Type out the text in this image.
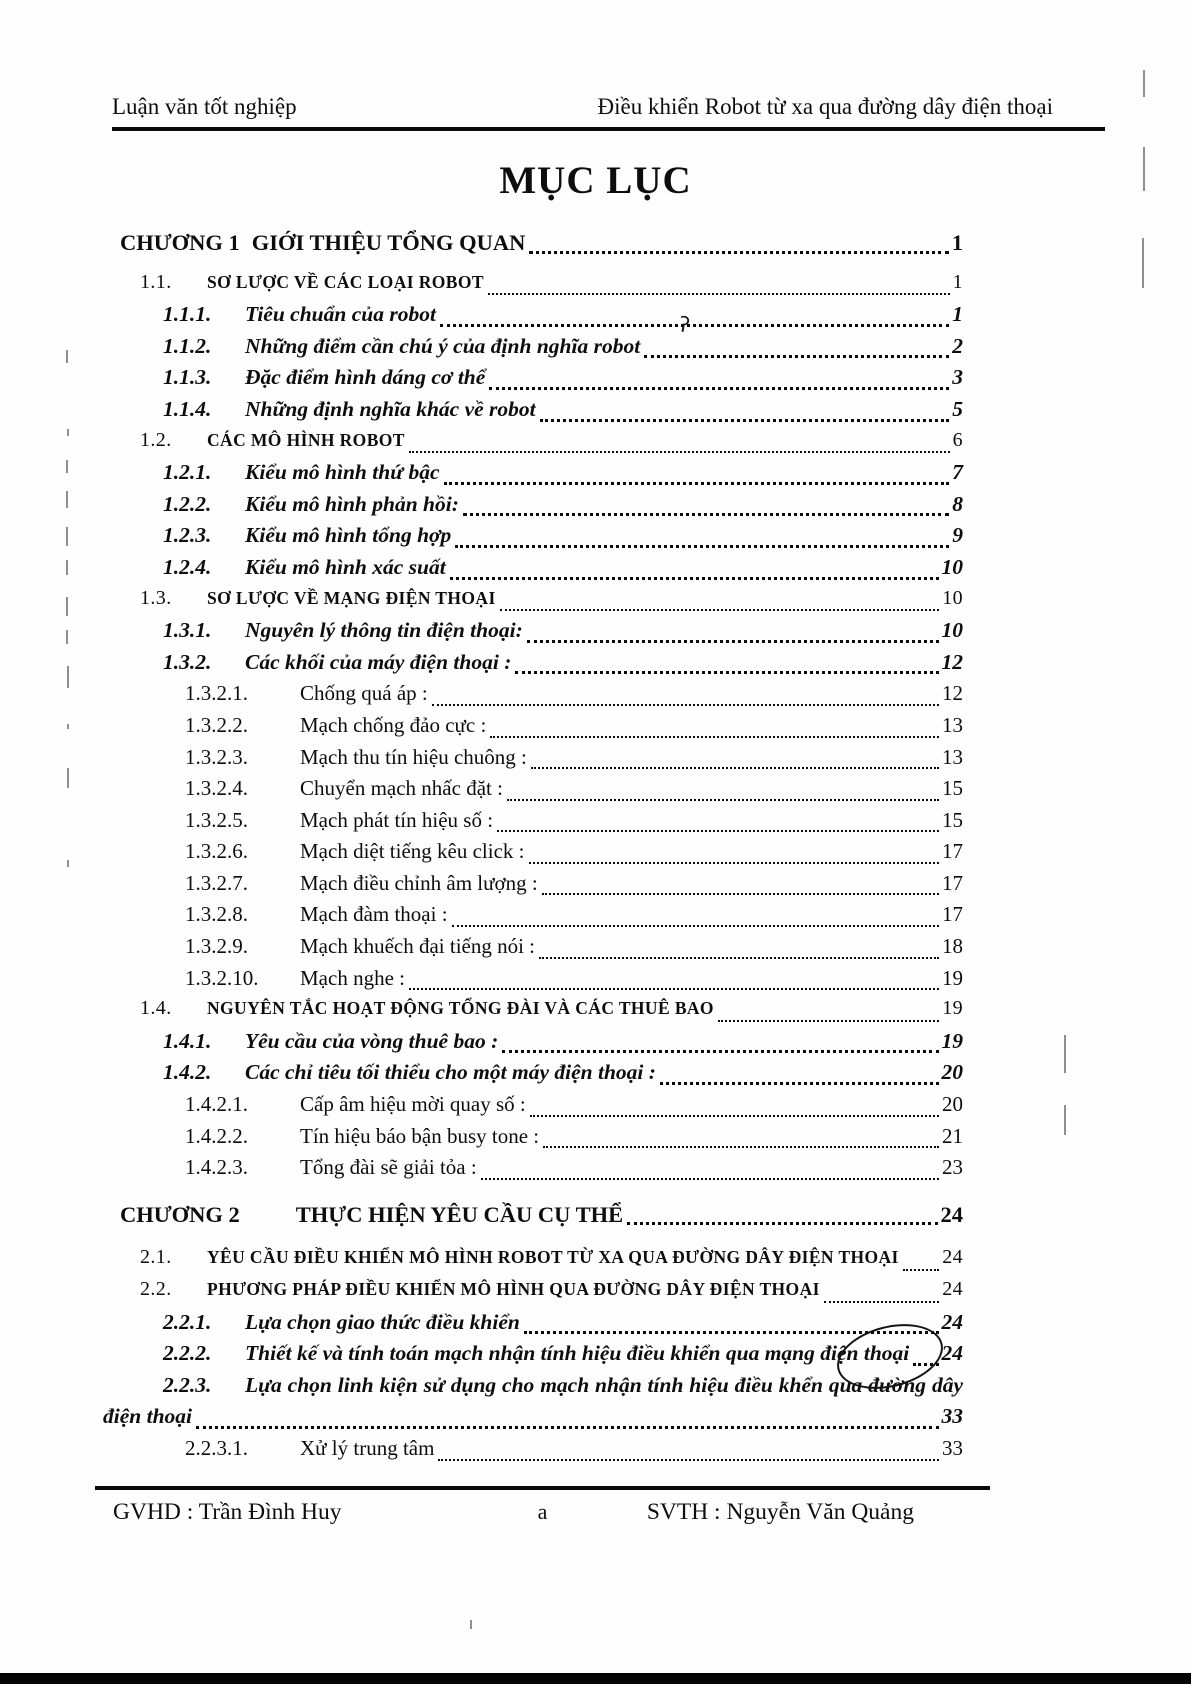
Luận văn tốt nghiệp	Điều khiển Robot từ xa qua đường dây điện thoại
MỤC LỤC
CHƯƠNG 1 GIỚI THIỆU TỔNG QUAN	1
1.1.	SƠ LƯỢC VỀ CÁC LOẠI ROBOT	1
1.1.1.	Tiêu chuẩn của robot	1
1.1.2.	Những điểm cần chú ý của định nghĩa robot	2
1.1.3.	Đặc điểm hình dáng cơ thể	3
1.1.4.	Những định nghĩa khác về robot	5
1.2.	CÁC MÔ HÌNH ROBOT	6
1.2.1.	Kiểu mô hình thứ bậc	7
1.2.2.	Kiểu mô hình phản hồi:	8
1.2.3.	Kiểu mô hình tổng hợp	9
1.2.4.	Kiểu mô hình xác suất	10
1.3.	SƠ LƯỢC VỀ MẠNG ĐIỆN THOẠI	10
1.3.1.	Nguyên lý thông tin điện thoại:	10
1.3.2.	Các khối của máy điện thoại :	12
1.3.2.1.	Chống quá áp :	12
1.3.2.2.	Mạch chống đảo cực :	13
1.3.2.3.	Mạch thu tín hiệu chuông :	13
1.3.2.4.	Chuyển mạch nhấc đặt :	15
1.3.2.5.	Mạch phát tín hiệu số :	15
1.3.2.6.	Mạch diệt tiếng kêu click :	17
1.3.2.7.	Mạch điều chỉnh âm lượng :	17
1.3.2.8.	Mạch đàm thoại :	17
1.3.2.9.	Mạch khuếch đại tiếng nói :	18
1.3.2.10.	Mạch nghe :	19
1.4.	NGUYÊN TẮC HOẠT ĐỘNG TỔNG ĐÀI VÀ CÁC THUÊ BAO	19
1.4.1.	Yêu cầu của vòng thuê bao :	19
1.4.2.	Các chỉ tiêu tối thiểu cho một máy điện thoại :	20
1.4.2.1.	Cấp âm hiệu mời quay số :	20
1.4.2.2.	Tín hiệu báo bận busy tone :	21
1.4.2.3.	Tổng đài sẽ giải tỏa :	23
CHƯƠNG 2 THỰC HIỆN YÊU CẦU CỤ THỂ	24
2.1.	YÊU CẦU ĐIỀU KHIỂN MÔ HÌNH ROBOT TỪ XA QUA ĐƯỜNG DÂY ĐIỆN THOẠI 24
2.2.	PHƯƠNG PHÁP ĐIỀU KHIỂN MÔ HÌNH QUA ĐƯỜNG DÂY ĐIỆN THOẠI	24
2.2.1.	Lựa chọn giao thức điều khiển	24
2.2.2.	Thiết kế và tính toán mạch nhận tính hiệu điều khiển qua mạng điện thoại 24
2.2.3.	Lựa chọn linh kiện sử dụng cho mạch nhận tính hiệu điều khển qua đường dây
điện thoại	33
2.2.3.1.	Xử lý trung tâm	33
ʔ
GVHD : Trần Đình Huy	a	SVTH : Nguyễn Văn Quảng
